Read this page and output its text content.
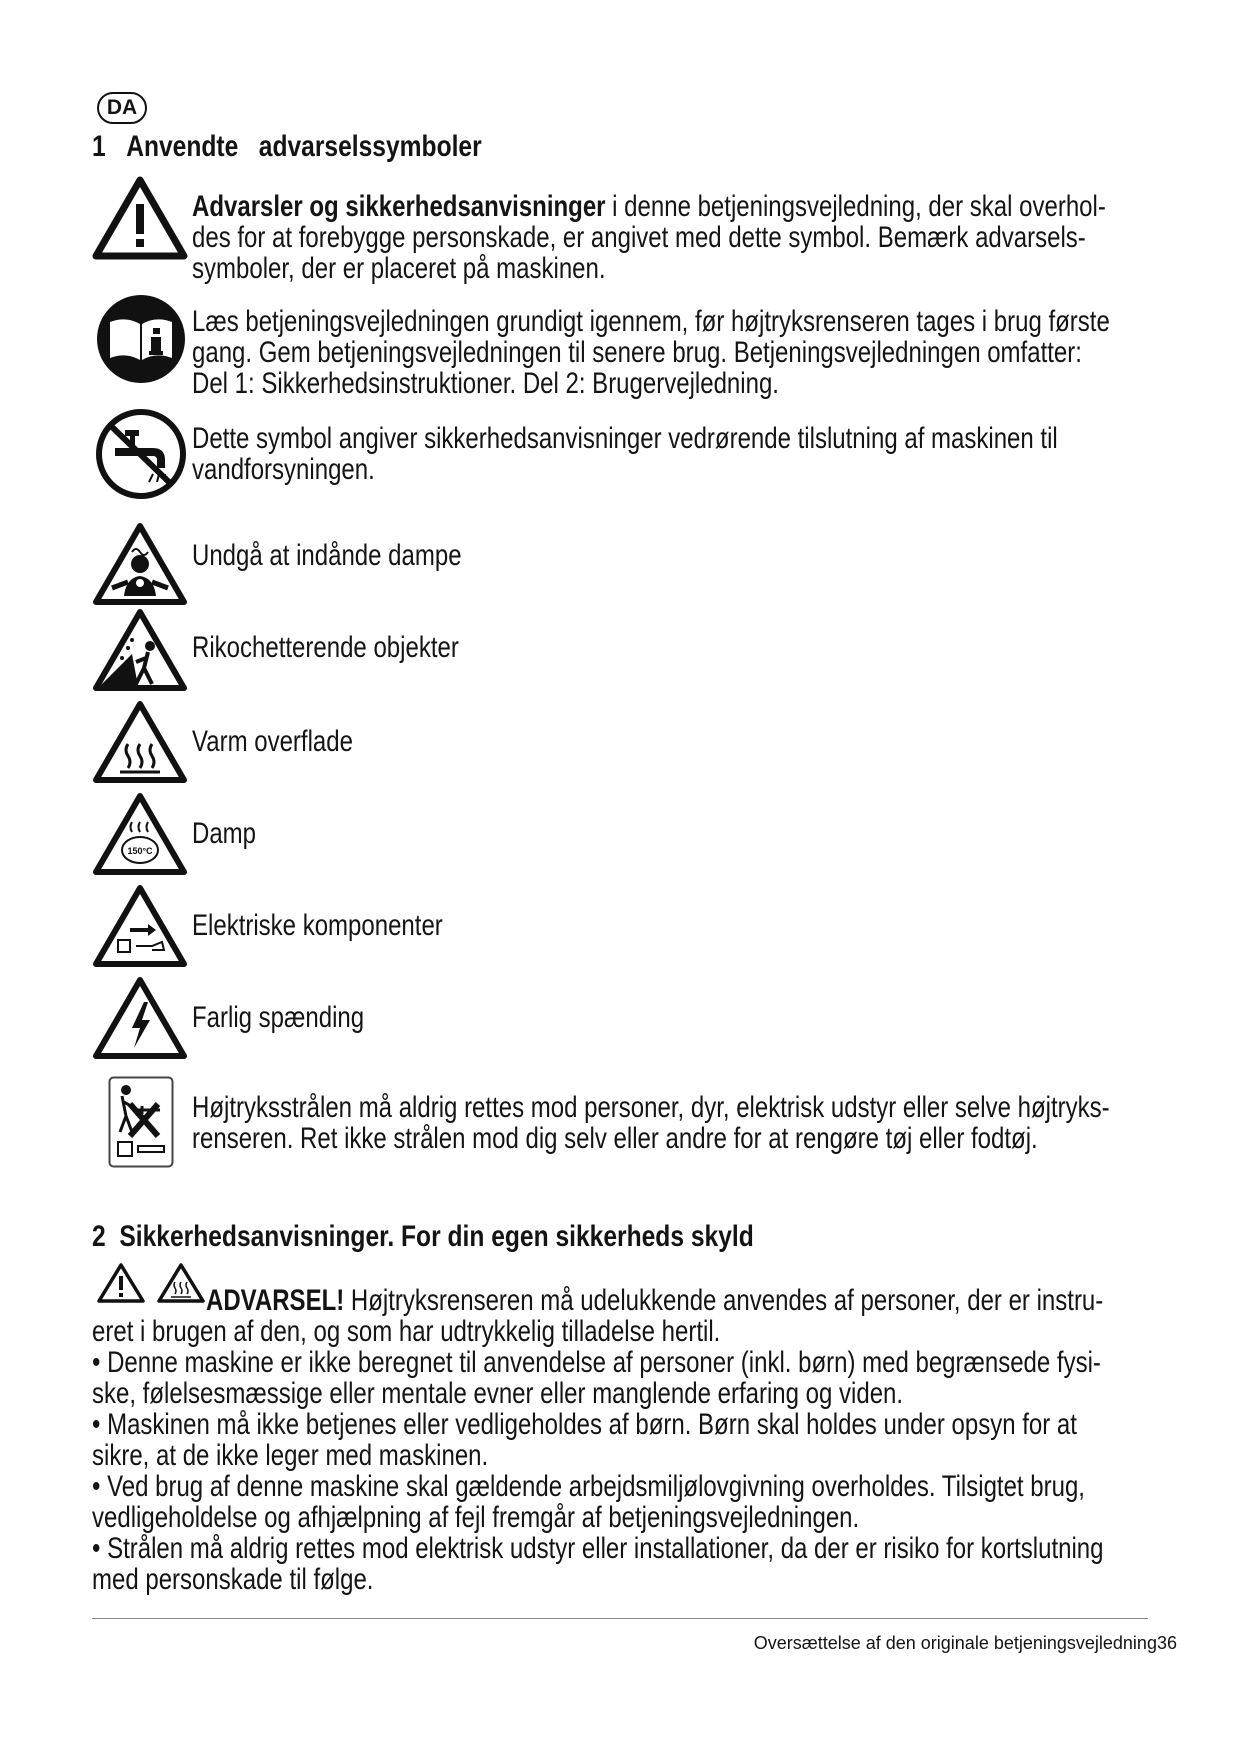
DA
1 Anvendte   advarselssymboler
Advarsler og sikkerhedsanvisninger i denne betjeningsvejledning, der skal overhol-
des for at forebygge personskade, er angivet med dette symbol. Bemærk advarsels-
symboler, der er placeret på maskinen.
Læs betjeningsvejledningen grundigt igennem, før højtryksrenseren tages i brug første
gang. Gem betjeningsvejledningen til senere brug. Betjeningsvejledningen omfatter:
Del 1: Sikkerhedsinstruktioner. Del 2: Brugervejledning.
Dette symbol angiver sikkerhedsanvisninger vedrørende tilslutning af maskinen til
vandforsyningen.
Undgå at indånde dampe
Rikochetterende objekter
Varm overflade
150°C
Damp
Elektriske komponenter
Farlig spænding
Højtryksstrålen må aldrig rettes mod personer, dyr, elektrisk udstyr eller selve højtryks-
renseren. Ret ikke strålen mod dig selv eller andre for at rengøre tøj eller fodtøj.
2 Sikkerhedsanvisninger. For din egen sikkerheds skyld
ADVARSEL! Højtryksrenseren må udelukkende anvendes af personer, der er instru-
eret i brugen af den, og som har udtrykkelig tilladelse hertil.
• Denne maskine er ikke beregnet til anvendelse af personer (inkl. børn) med begrænsede fysi-
ske, følelsesmæssige eller mentale evner eller manglende erfaring og viden.
• Maskinen må ikke betjenes eller vedligeholdes af børn. Børn skal holdes under opsyn for at
sikre, at de ikke leger med maskinen.
• Ved brug af denne maskine skal gældende arbejdsmiljølovgivning overholdes. Tilsigtet brug,
vedligeholdelse og afhjælpning af fejl fremgår af betjeningsvejledningen.
• Strålen må aldrig rettes mod elektrisk udstyr eller installationer, da der er risiko for kortslutning
med personskade til følge.
Oversættelse af den originale betjeningsvejledning36
